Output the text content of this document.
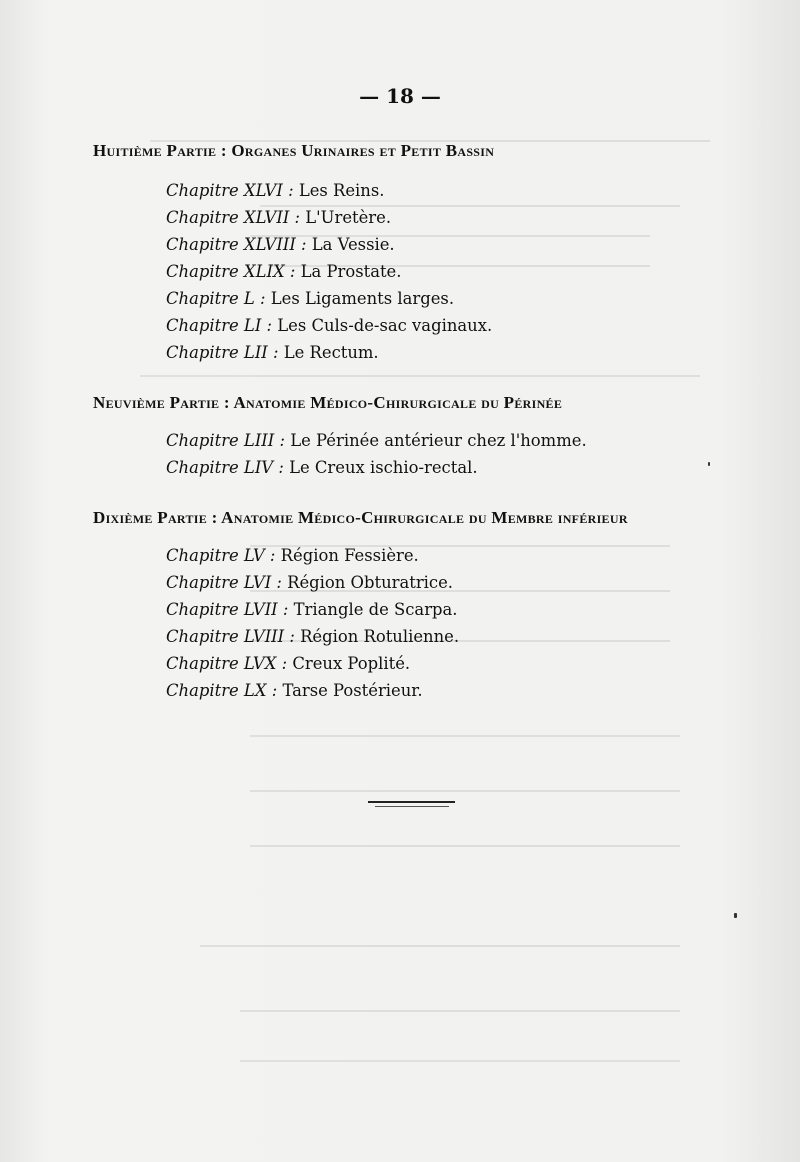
— 18 —
Huitième Partie : Organes Urinaires et Petit Bassin
Chapitre XLVI : Les Reins.
Chapitre XLVII : L'Uretère.
Chapitre XLVIII : La Vessie.
Chapitre XLIX : La Prostate.
Chapitre L : Les Ligaments larges.
Chapitre LI : Les Culs-de-sac vaginaux.
Chapitre LII : Le Rectum.
Neuvième Partie : Anatomie Médico-Chirurgicale du Périnée
Chapitre LIII : Le Périnée antérieur chez l'homme.
Chapitre LIV : Le Creux ischio-rectal.
Dixième Partie : Anatomie Médico-Chirurgicale du Membre inférieur
Chapitre LV : Région Fessière.
Chapitre LVI : Région Obturatrice.
Chapitre LVII : Triangle de Scarpa.
Chapitre LVIII : Région Rotulienne.
Chapitre LVX : Creux Poplité.
Chapitre LX : Tarse Postérieur.
